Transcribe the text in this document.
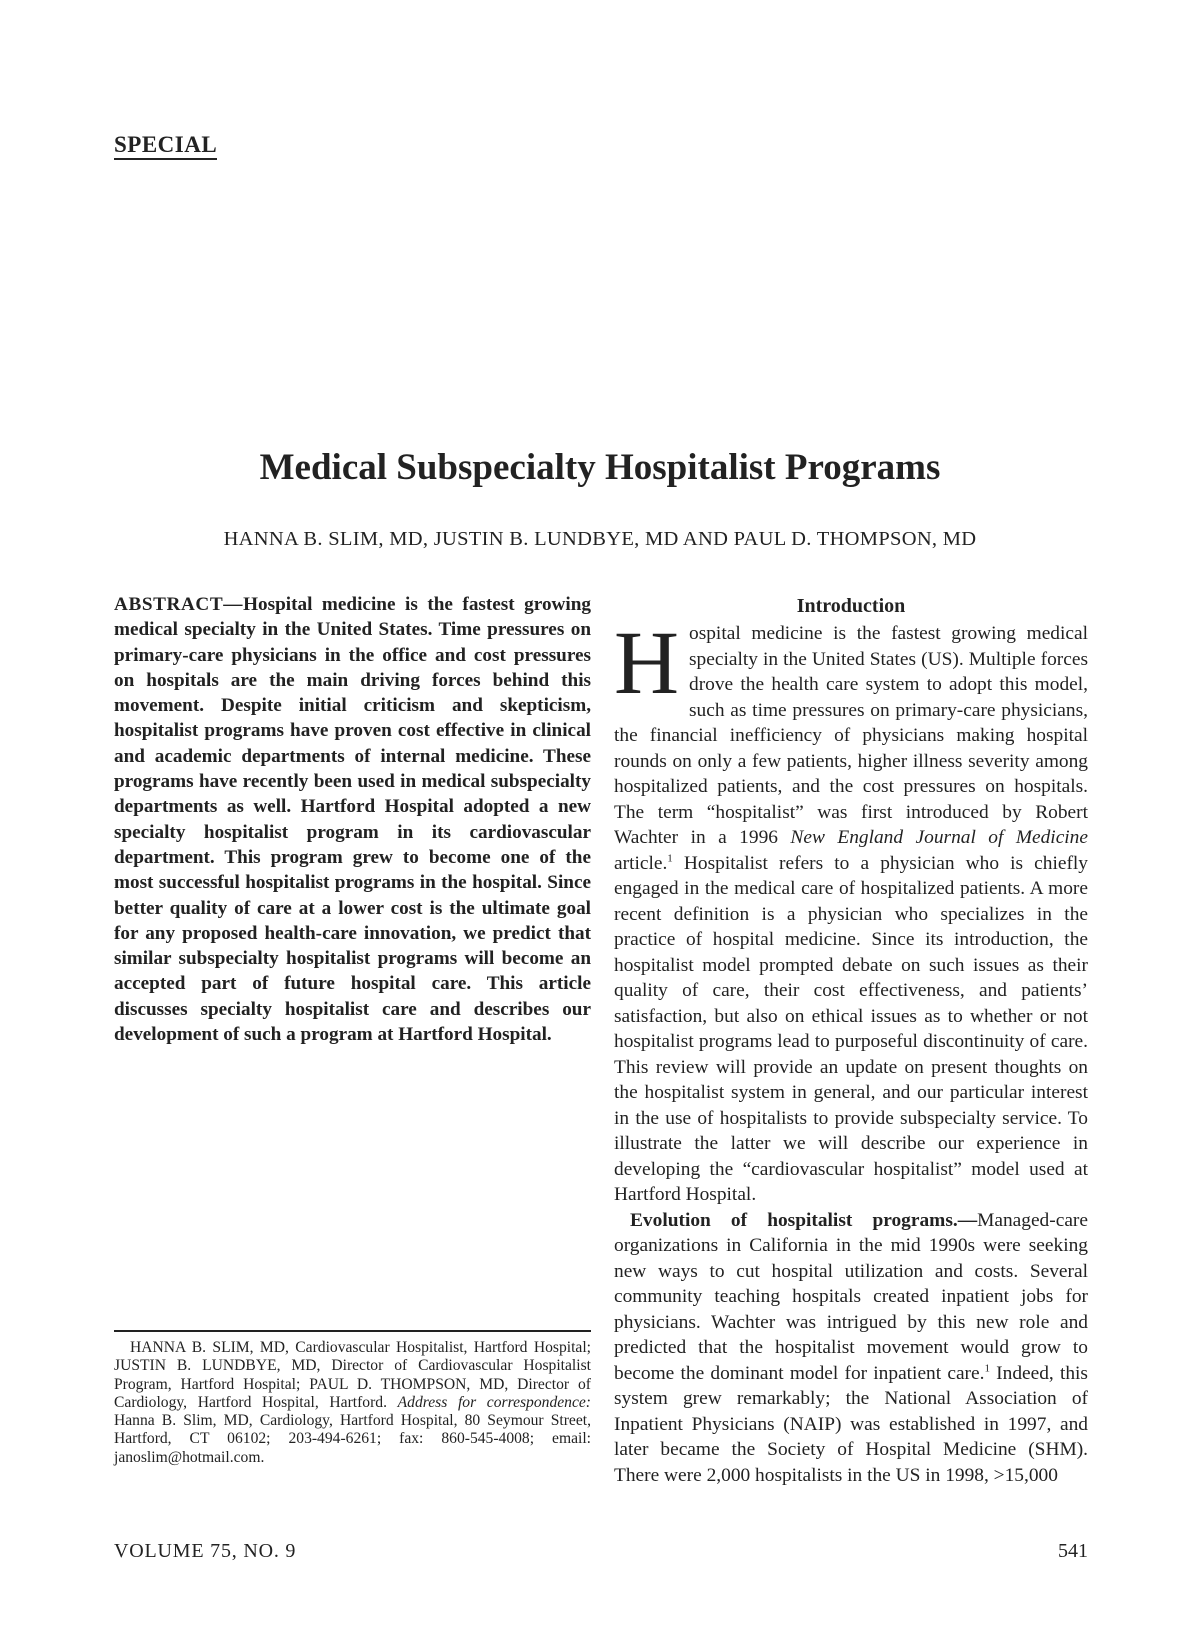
SPECIAL
Medical Subspecialty Hospitalist Programs
HANNA B. SLIM, MD, JUSTIN B. LUNDBYE, MD AND PAUL D. THOMPSON, MD

ABSTRACT—Hospital medicine is the fastest growing medical specialty in the United States. Time pressures on primary-care physicians in the office and cost pressures on hospitals are the main driving forces behind this movement. Despite initial criticism and skepticism, hospitalist programs have proven cost effective in clinical and academic departments of internal medicine. These programs have recently been used in medical subspecialty departments as well. Hartford Hospital adopted a new specialty hospitalist program in its cardiovascular department. This program grew to become one of the most successful hospitalist programs in the hospital. Since better quality of care at a lower cost is the ultimate goal for any proposed health-care innovation, we predict that similar subspecialty hospitalist programs will become an accepted part of future hospital care. This article discusses specialty hospitalist care and describes our development of such a program at Hartford Hospital.

HANNA B. SLIM, MD, Cardiovascular Hospitalist, Hartford Hospital; JUSTIN B. LUNDBYE, MD, Director of Cardiovascular Hospitalist Program, Hartford Hospital; PAUL D. THOMPSON, MD, Director of Cardiology, Hartford Hospital, Hartford. Address for correspondence: Hanna B. Slim, MD, Cardiology, Hartford Hospital, 80 Seymour Street, Hartford, CT 06102; 203-494-6261; fax: 860-545-4008; email: janoslim@hotmail.com.

Introduction

Hospital medicine is the fastest growing medical specialty in the United States (US). Multiple forces drove the health care system to adopt this model, such as time pressures on primary-care physicians, the financial inefficiency of physicians making hospital rounds on only a few patients, higher illness severity among hospitalized patients, and the cost pressures on hospitals. The term “hospitalist” was first introduced by Robert Wachter in a 1996 New England Journal of Medicine article.$^1$ Hospitalist refers to a physician who is chiefly engaged in the medical care of hospitalized patients. A more recent definition is a physician who specializes in the practice of hospital medicine. Since its introduction, the hospitalist model prompted debate on such issues as their quality of care, their cost effectiveness, and patients’ satisfaction, but also on ethical issues as to whether or not hospitalist programs lead to purposeful discontinuity of care. This review will provide an update on present thoughts on the hospitalist system in general, and our particular interest in the use of hospitalists to provide subspecialty service. To illustrate the latter we will describe our experience in developing the “cardiovascular hospitalist” model used at Hartford Hospital.

Evolution of hospitalist programs.—Managed-care organizations in California in the mid 1990s were seeking new ways to cut hospital utilization and costs. Several community teaching hospitals created inpatient jobs for physicians. Wachter was intrigued by this new role and predicted that the hospitalist movement would grow to become the dominant model for inpatient care.$^1$ Indeed, this system grew remarkably; the National Association of Inpatient Physicians (NAIP) was established in 1997, and later became the Society of Hospital Medicine (SHM). There were 2,000 hospitalists in the US in 1998, >15,000

VOLUME 75, NO. 9	541
